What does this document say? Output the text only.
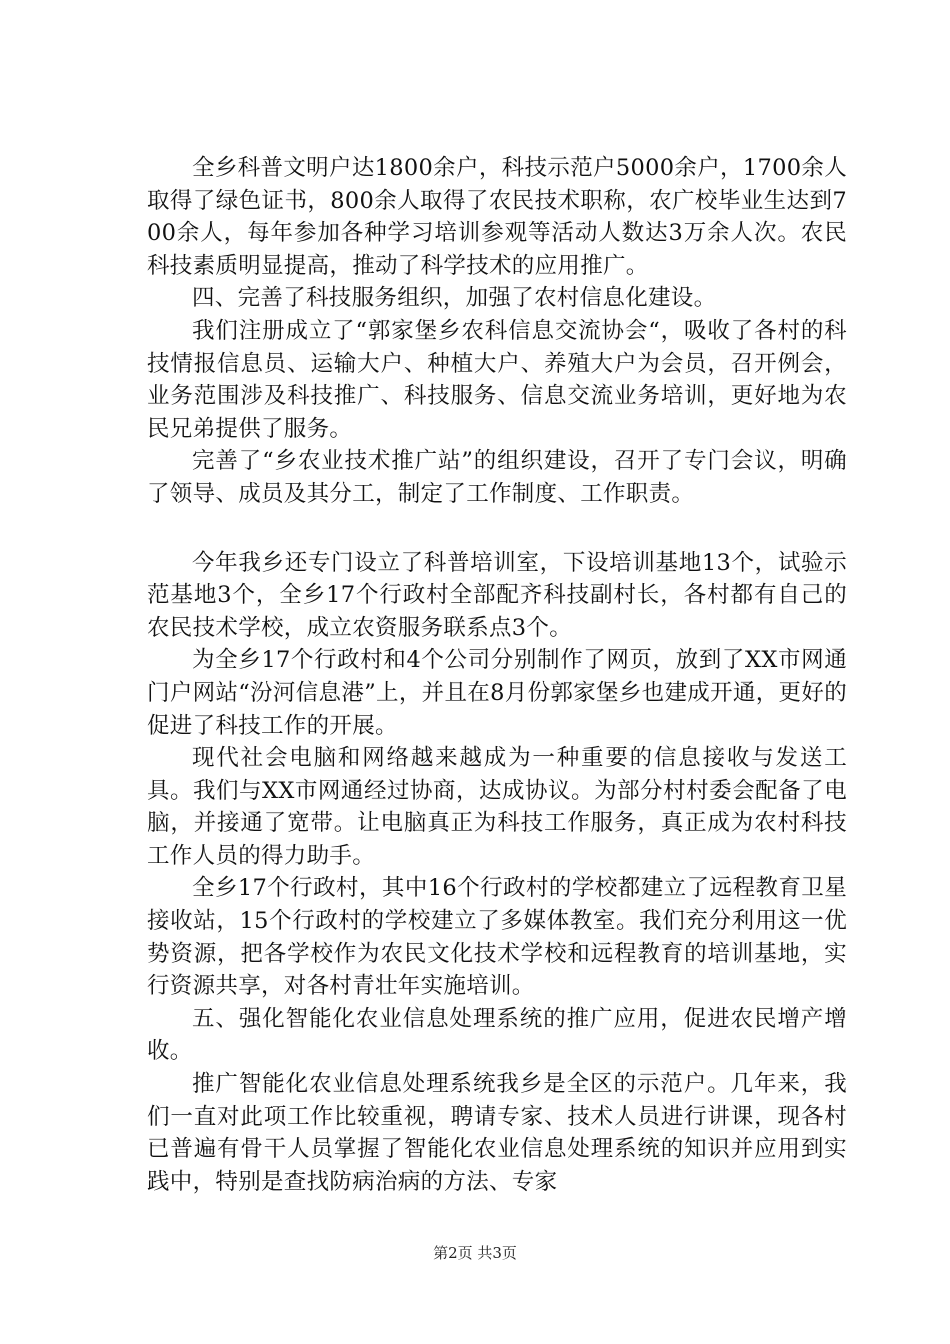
全乡科普文明户达1800余户，科技示范户5000余户，1700余人取得了绿色证书，800余人取得了农民技术职称，农广校毕业生达到700余人，每年参加各种学习培训参观等活动人数达3万余人次。农民科技素质明显提高，推动了科学技术的应用推广。

四、完善了科技服务组织，加强了农村信息化建设。

我们注册成立了“郭家堡乡农科信息交流协会“，吸收了各村的科技情报信息员、运输大户、种植大户、养殖大户为会员，召开例会，业务范围涉及科技推广、科技服务、信息交流业务培训，更好地为农民兄弟提供了服务。

完善了“乡农业技术推广站”的组织建设，召开了专门会议，明确了领导、成员及其分工，制定了工作制度、工作职责。

今年我乡还专门设立了科普培训室，下设培训基地13个，试验示范基地3个，全乡17个行政村全部配齐科技副村长，各村都有自己的农民技术学校，成立农资服务联系点3个。

为全乡17个行政村和4个公司分别制作了网页，放到了XX市网通门户网站“汾河信息港”上，并且在8月份郭家堡乡也建成开通，更好的促进了科技工作的开展。

现代社会电脑和网络越来越成为一种重要的信息接收与发送工具。我们与XX市网通经过协商，达成协议。为部分村村委会配备了电脑，并接通了宽带。让电脑真正为科技工作服务，真正成为农村科技工作人员的得力助手。

全乡17个行政村，其中16个行政村的学校都建立了远程教育卫星接收站，15个行政村的学校建立了多媒体教室。我们充分利用这一优势资源，把各学校作为农民文化技术学校和远程教育的培训基地，实行资源共享，对各村青壮年实施培训。

五、强化智能化农业信息处理系统的推广应用，促进农民增产增收。

推广智能化农业信息处理系统我乡是全区的示范户。几年来，我们一直对此项工作比较重视，聘请专家、技术人员进行讲课，现各村已普遍有骨干人员掌握了智能化农业信息处理系统的知识并应用到实践中，特别是查找防病治病的方法、专家

第2页 共3页
